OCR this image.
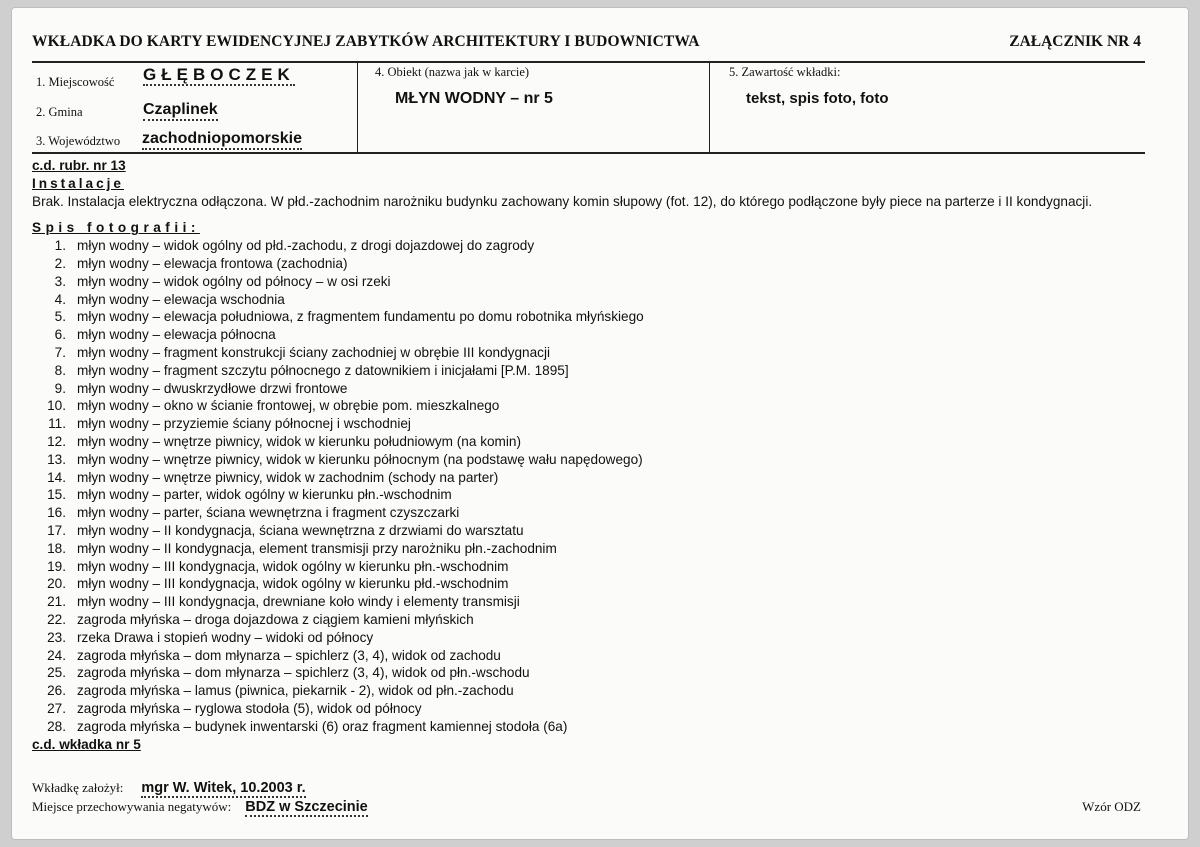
WKŁADKA DO KARTY EWIDENCYJNEJ ZABYTKÓW ARCHITEKTURY I BUDOWNICTWA	ZAŁĄCZNIK NR 4
1. Miejscowość GŁĘBOCZEK
2. Gmina	Czaplinek
3. Województwo zachodniopomorskie
4. Obiekt (nazwa jak w karcie)
MŁYN WODNY – nr 5
5. Zawartość wkładki:
tekst, spis foto, foto
c.d. rubr. nr 13
Instalacje

Brak. Instalacja elektryczna odłączona. W płd.-zachodnim narożniku budynku zachowany komin słupowy (fot. 12), do którego podłączone były piece na parterze i II kondygnacji.

Spis fotografii:
1. młyn wodny – widok ogólny od płd.-zachodu, z drogi dojazdowej do zagrody
2. młyn wodny – elewacja frontowa (zachodnia)
3. młyn wodny – widok ogólny od północy – w osi rzeki
4. młyn wodny – elewacja wschodnia
5. młyn wodny – elewacja południowa, z fragmentem fundamentu po domu robotnika młyńskiego
6. młyn wodny – elewacja północna
7. młyn wodny – fragment konstrukcji ściany zachodniej w obrębie III kondygnacji
8. młyn wodny – fragment szczytu północnego z datownikiem i inicjałami [P.M. 1895]
9. młyn wodny – dwuskrzydłowe drzwi frontowe
10. młyn wodny – okno w ścianie frontowej, w obrębie pom. mieszkalnego
11. młyn wodny – przyziemie ściany północnej i wschodniej
12. młyn wodny – wnętrze piwnicy, widok w kierunku południowym (na komin)
13. młyn wodny – wnętrze piwnicy, widok w kierunku północnym (na podstawę wału napędowego)
14. młyn wodny – wnętrze piwnicy, widok w zachodnim (schody na parter)
15. młyn wodny – parter, widok ogólny w kierunku płn.-wschodnim
16. młyn wodny – parter, ściana wewnętrzna i fragment czyszczarki
17. młyn wodny – II kondygnacja, ściana wewnętrzna z drzwiami do warsztatu
18. młyn wodny – II kondygnacja, element transmisji przy narożniku płn.-zachodnim
19. młyn wodny – III kondygnacja, widok ogólny w kierunku płn.-wschodnim
20. młyn wodny – III kondygnacja, widok ogólny w kierunku płd.-wschodnim
21. młyn wodny – III kondygnacja, drewniane koło windy i elementy transmisji
22. zagroda młyńska – droga dojazdowa z ciągiem kamieni młyńskich
23. rzeka Drawa i stopień wodny – widoki od północy
24. zagroda młyńska – dom młynarza – spichlerz (3, 4), widok od zachodu
25. zagroda młyńska – dom młynarza – spichlerz (3, 4), widok od płn.-wschodu
26. zagroda młyńska – lamus (piwnica, piekarnik - 2), widok od płn.-zachodu
27. zagroda młyńska – ryglowa stodoła (5), widok od północy
28. zagroda młyńska – budynek inwentarski (6) oraz fragment kamiennej stodoła (6a)
c.d. wkładka nr 5
Wkładkę założył: mgr W. Witek, 10.2003 r.
Miejsce przechowywania negatywów: BDZ w Szczecinie	Wzór ODZ
